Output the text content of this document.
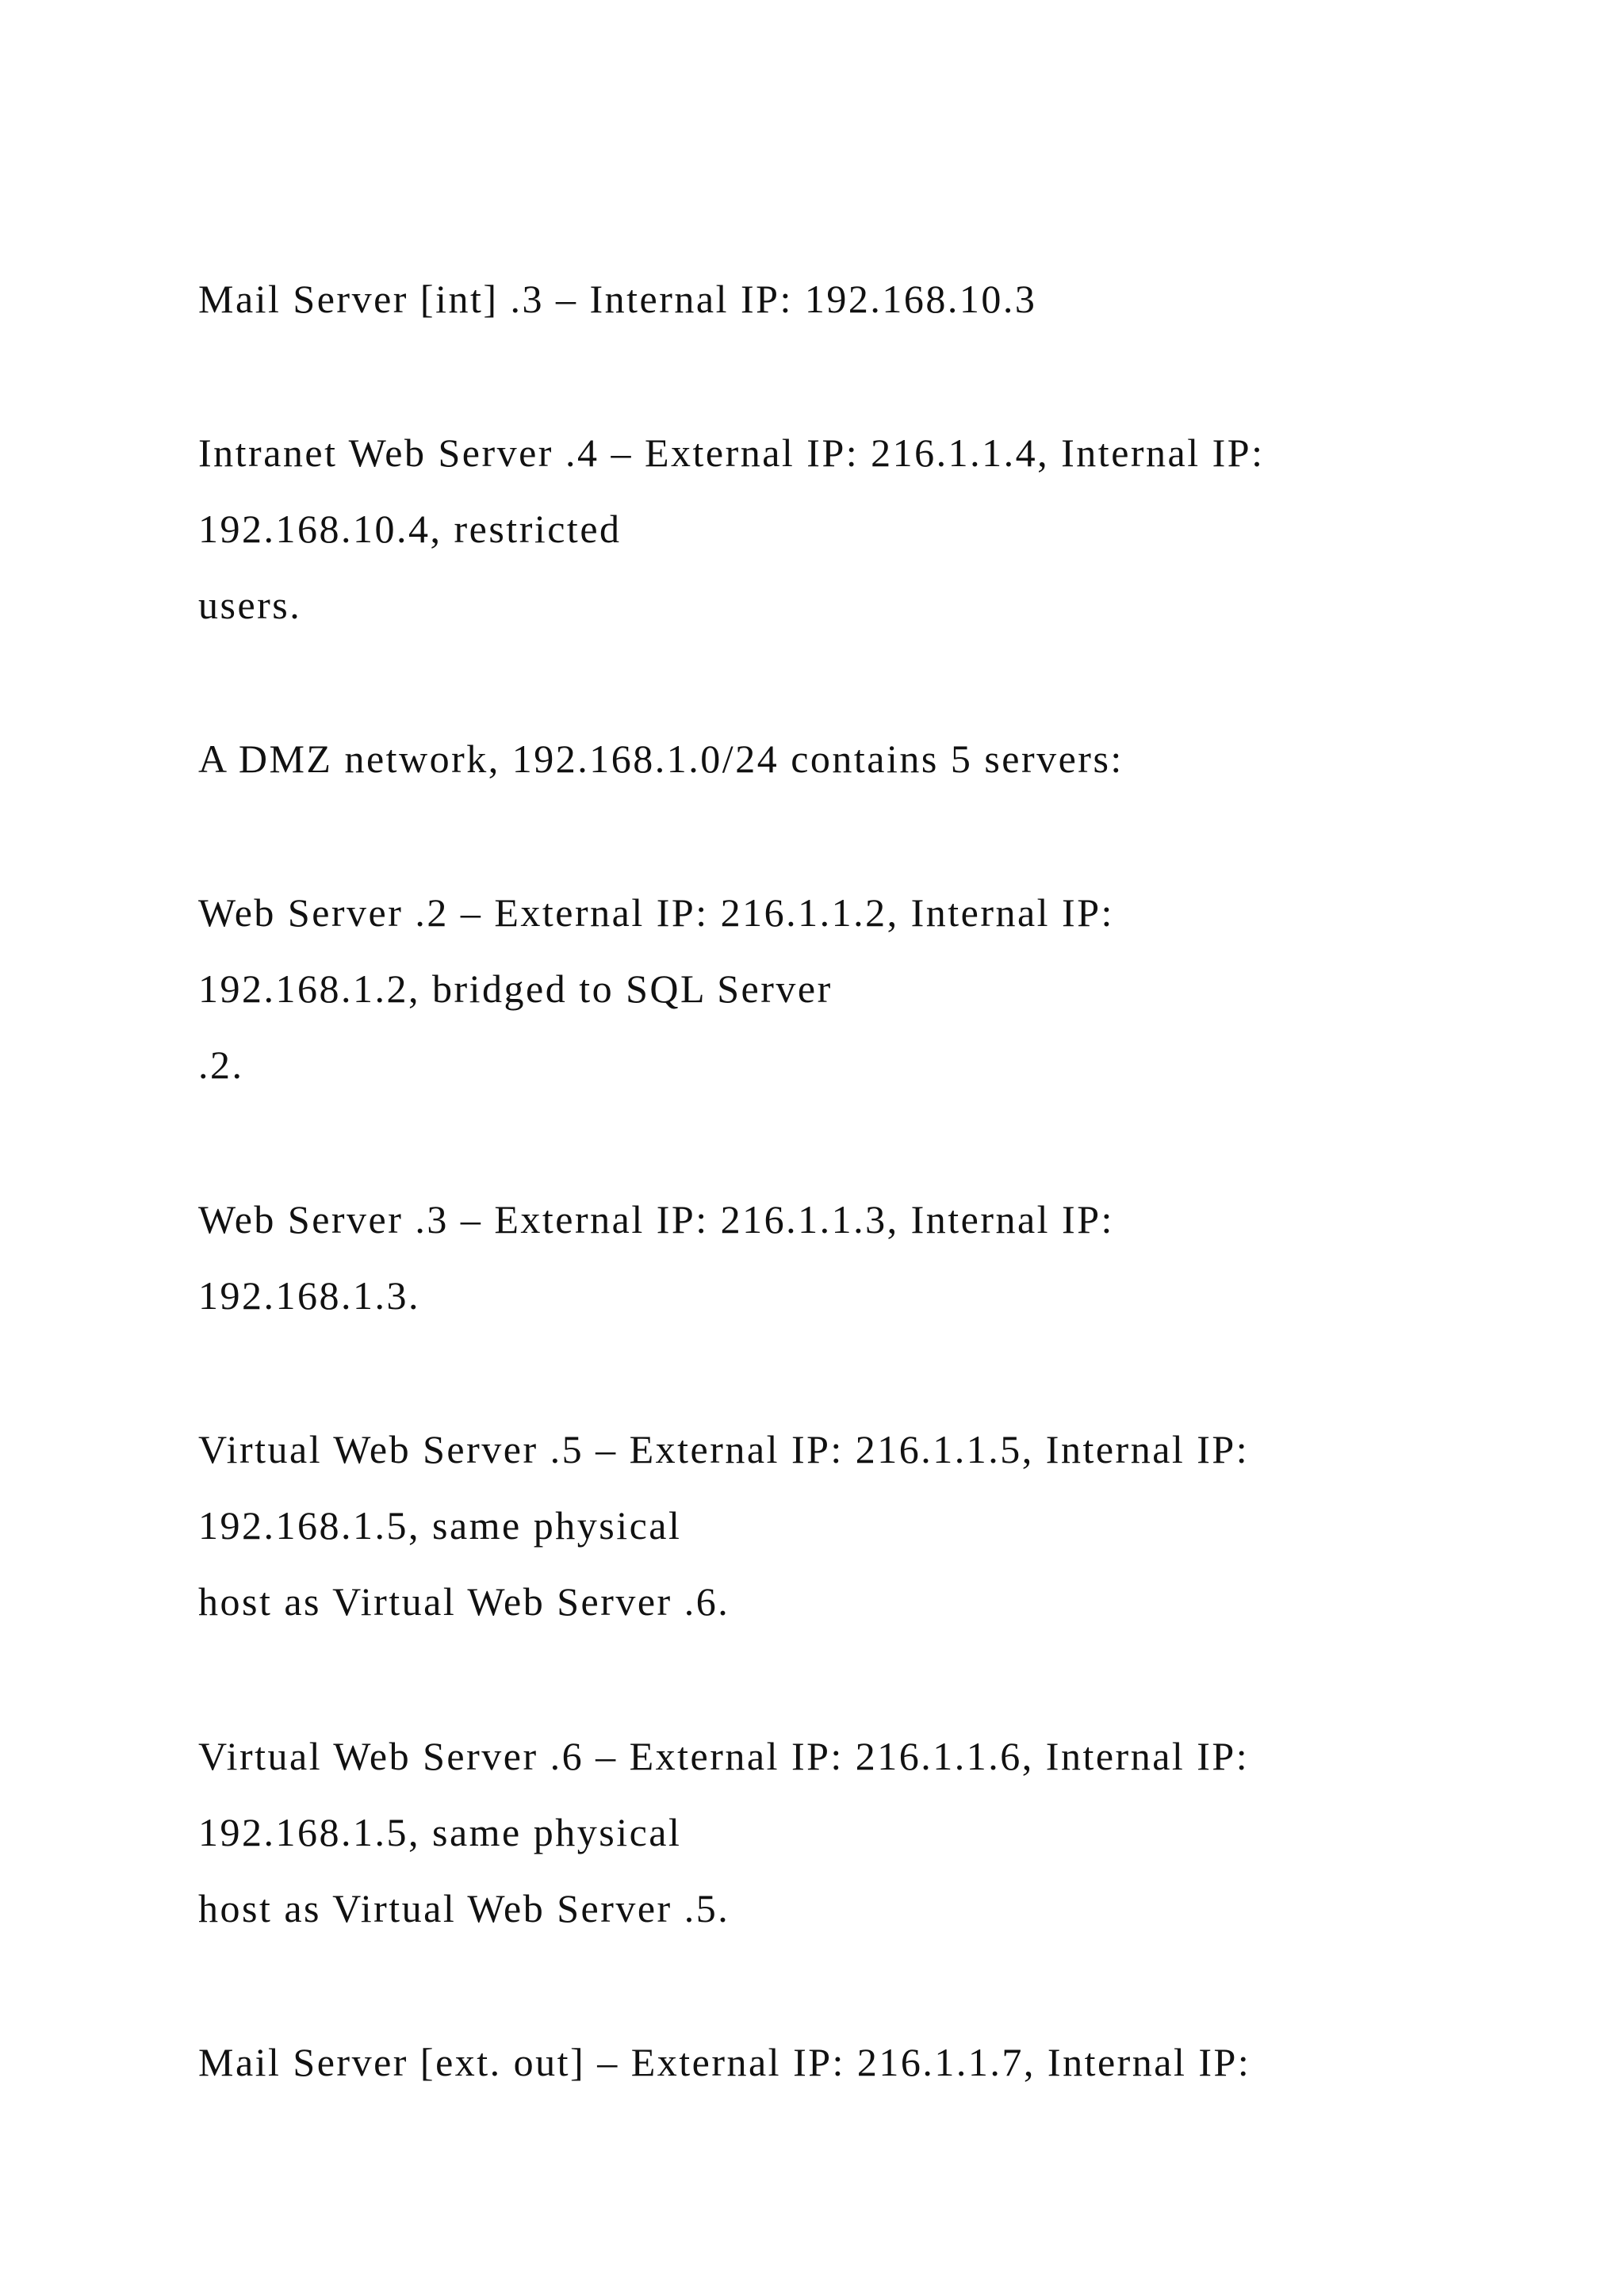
Mail Server [int] .3 – Internal IP: 192.168.10.3

Intranet Web Server .4 – External IP: 216.1.1.4, Internal IP:

192.168.10.4, restricted

users.

A DMZ network, 192.168.1.0/24 contains 5 servers:

Web Server .2 – External IP: 216.1.1.2, Internal IP:

192.168.1.2, bridged to SQL Server

.2.

Web Server .3 – External IP: 216.1.1.3, Internal IP:

192.168.1.3.

Virtual Web Server .5 – External IP: 216.1.1.5, Internal IP:

192.168.1.5, same physical

host as Virtual Web Server .6.

Virtual Web Server .6 – External IP: 216.1.1.6, Internal IP:

192.168.1.5, same physical

host as Virtual Web Server .5.

Mail Server [ext. out] – External IP: 216.1.1.7, Internal IP:
